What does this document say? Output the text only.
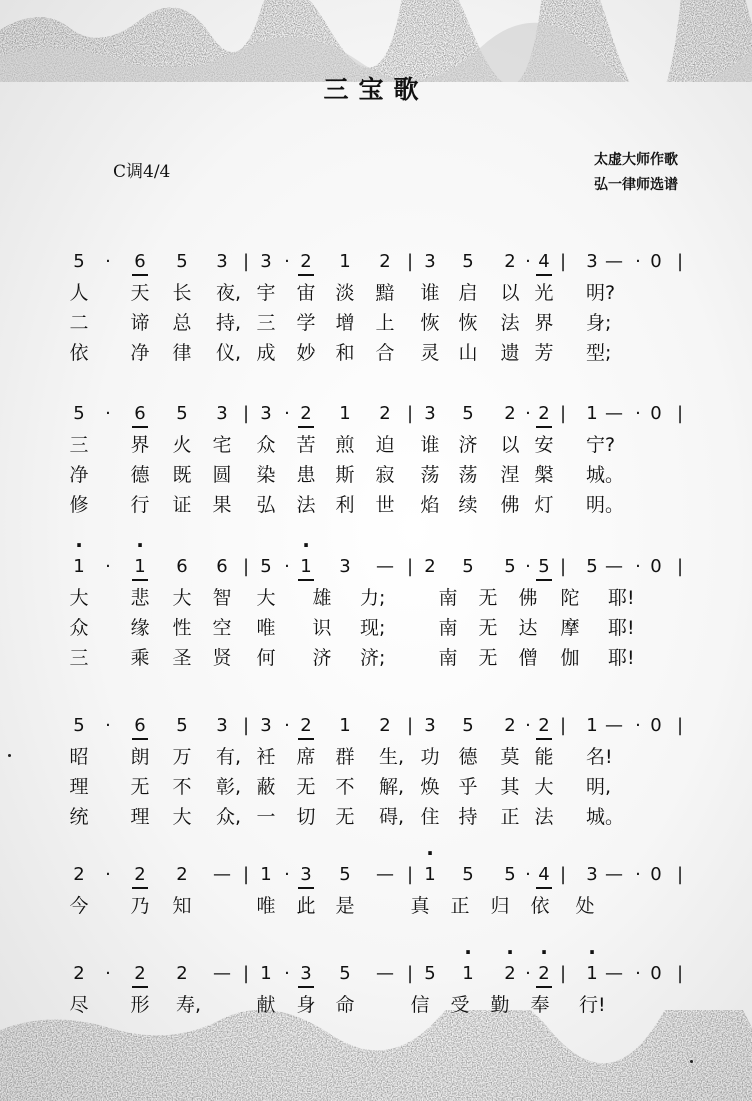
三宝歌
C调4/4
太虚大师作歌
弘一律师选谱
5	·	6	5	3 | 3 · 2	1	2 | 3	5	2 · 4 |	3 — · 0 |
人 天 长 夜, 宇 宙 淡 黯 谁 启 以 光 明?
二 谛 总 持, 三 学 增 上 恢 恢 法 界 身;
依 净 律 仪, 成 妙 和 合 灵 山 遗 芳 型;
5	·	6	5	3 | 3 · 2	1	2 | 3	5	2 · 2 |	1 — · 0 |
三 界 火 宅 众 苦 煎 迫 谁 济 以 安 宁?
净 德 既 圆 染 患 斯 寂 荡 荡 涅 槃 城。
修 行 证 果 弘 法 利 世 焰 续 佛 灯 明。
· 1	·	· 1	6	6 | 5 · · 1	3	— | 2	5	5 · 5 |	5 — · 0 |
大 悲 大 智 大 雄 力;	南 无 佛 陀 耶!
众 缘 性 空 唯 识 现;	南 无 达 摩 耶!
三 乘 圣 贤 何 济 济;	南 无 僧 伽 耶!
5	·	6	5	3 | 3 · 2	1	2 | 3	5	2 · 2 |	1 — · 0 |
昭 朗 万 有, 衽 席 群 生, 功 德 莫 能 名!
理 无 不 彰, 蔽 无 不 解, 焕 乎 其 大 明,
统 理 大 众, 一 切 无 碍, 住 持 正 法 城。
2	·	2	2	— | 1 · 3	5	— | · 1	5	5 · 4 |	3 — · 0 |
今 乃 知	唯 此 是	真 正 归 依 处
2	·	2	2	— | 1 · 3	5	— | 5	· 1	· 2 · · 2 |	· 1 — · 0 |
尽 形 寿,	献 身 命	信 受 勤 奉 行!
